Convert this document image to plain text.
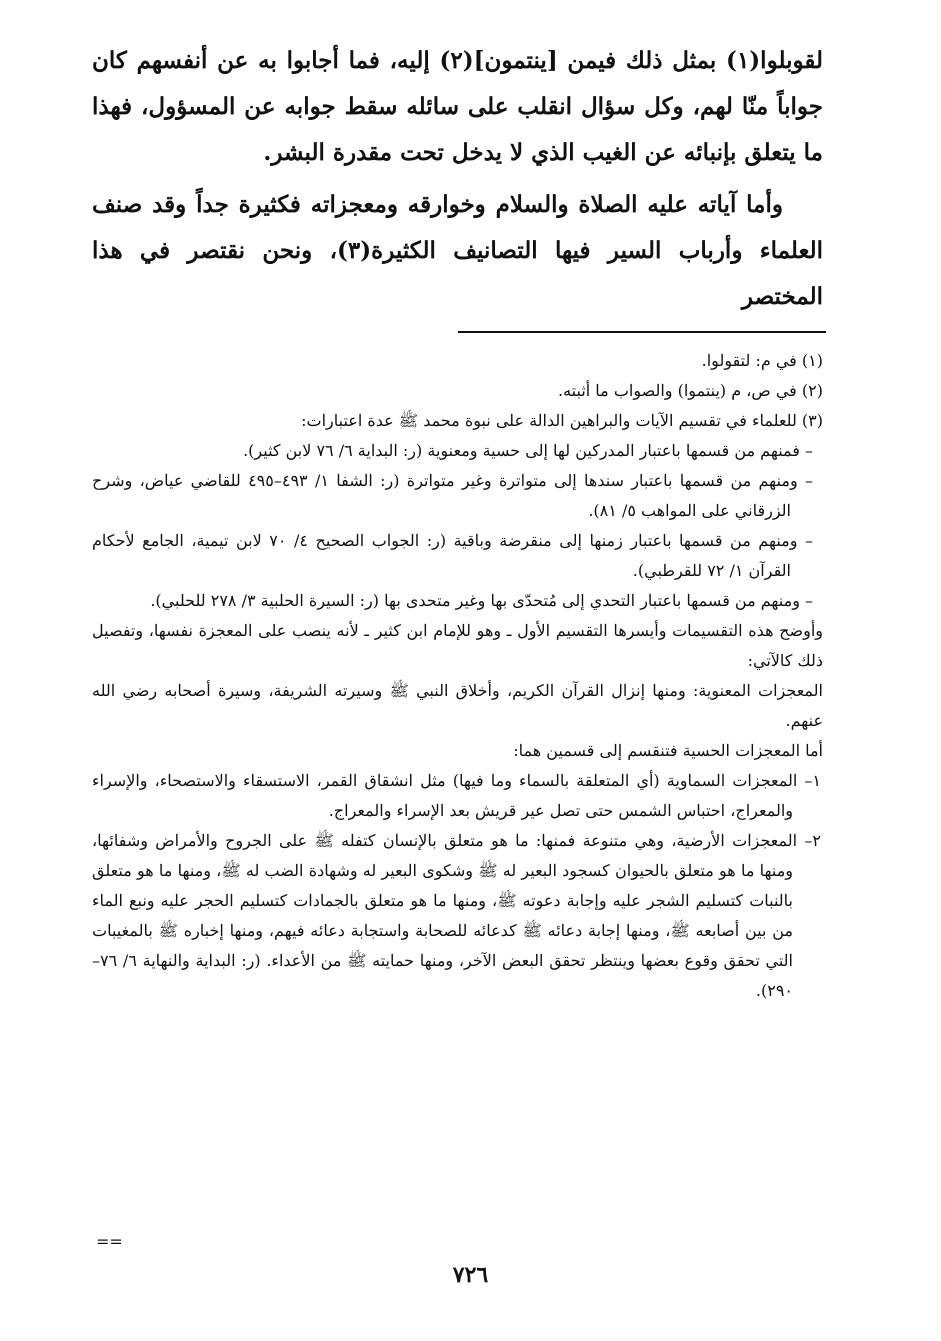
لقوبلوا(١) بمثل ذلك فيمن [ينتمون](٢) إليه، فما أجابوا به عن أنفسهم كان جواباً منّا لهم، وكل سؤال انقلب على سائله سقط جوابه عن المسؤول، فهذا ما يتعلق بإنبائه عن الغيب الذي لا يدخل تحت مقدرة البشر.

وأما آياته عليه الصلاة والسلام وخوارقه ومعجزاته فكثيرة جداً وقد صنف العلماء وأرباب السير فيها التصانيف الكثيرة(٣)، ونحن نقتصر في هذا المختصر

(١) في م: لتقولوا.
(٢) في ص، م (ينتموا) والصواب ما أثبته.
(٣) للعلماء في تقسيم الآيات والبراهين الدالة على نبوة محمد ﷺ عدة اعتبارات:
– فمنهم من قسمها باعتبار المدركين لها إلى حسية ومعنوية (ر: البداية ٦/ ٧٦ لابن كثير).
– ومنهم من قسمها باعتبار سندها إلى متواترة وغير متواترة (ر: الشفا ١/ ٤٩٣–٤٩٥ للقاضي عياض، وشرح الزرقاني على المواهب ٥/ ٨١).
– ومنهم من قسمها باعتبار زمنها إلى منقرضة وباقية (ر: الجواب الصحيح ٤/ ٧٠ لابن تيمية، الجامع لأحكام القرآن ١/ ٧٢ للقرطبي).
– ومنهم من قسمها باعتبار التحدي إلى مُتحدّى بها وغير متحدى بها (ر: السيرة الحلبية ٣/ ٢٧٨ للحلبي).
وأوضح هذه التقسيمات وأيسرها التقسيم الأول ـ وهو للإمام ابن كثير ـ لأنه ينصب على المعجزة نفسها، وتفصيل ذلك كالآتي:
المعجزات المعنوية: ومنها إنزال القرآن الكريم، وأخلاق النبي ﷺ وسيرته الشريفة، وسيرة أصحابه رضي الله عنهم.
أما المعجزات الحسية فتنقسم إلى قسمين هما:
١– المعجزات السماوية (أي المتعلقة بالسماء وما فيها) مثل انشقاق القمر، الاستسقاء والاستصحاء، والإسراء والمعراج، احتباس الشمس حتى تصل عير قريش بعد الإسراء والمعراج.
٢– المعجزات الأرضية، وهي متنوعة فمنها: ما هو متعلق بالإنسان كتفله ﷺ على الجروح والأمراض وشفائها، ومنها ما هو متعلق بالحيوان كسجود البعير له ﷺ وشكوى البعير له وشهادة الضب له ﷺ، ومنها ما هو متعلق بالنبات كتسليم الشجر عليه وإجابة دعوته ﷺ، ومنها ما هو متعلق بالجمادات كتسليم الحجر عليه ونبع الماء من بين أصابعه ﷺ، ومنها إجابة دعائه ﷺ كدعائه للصحابة واستجابة دعائه فيهم، ومنها إخباره ﷺ بالمغيبات التي تحقق وقوع بعضها وينتظر تحقق البعض الآخر، ومنها حمايته ﷺ من الأعداء. (ر: البداية والنهاية ٦/ ٧٦–٢٩٠).
==
٧٢٦
